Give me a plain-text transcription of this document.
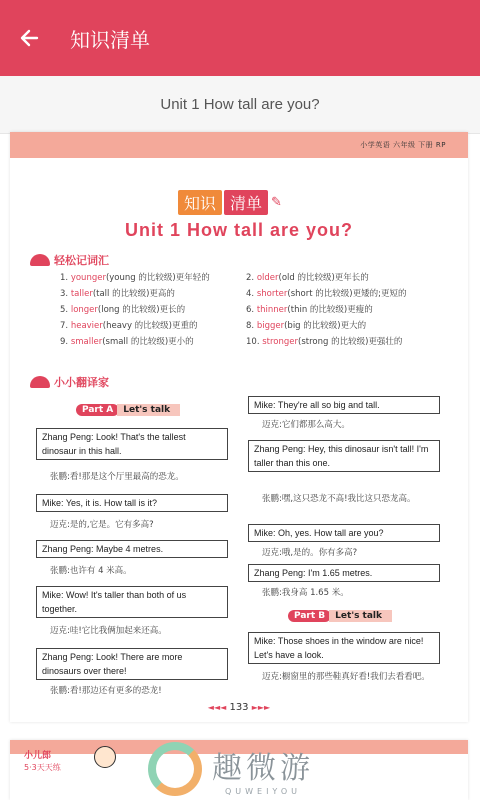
知识清单
Unit 1 How tall are you?
小学英语 六年级 下册 RP
知识 清单 ✎
Unit 1 How tall are you?
轻松记词汇
1. younger(young 的比较级)更年轻的
3. taller(tall 的比较级)更高的
5. longer(long 的比较级)更长的
7. heavier(heavy 的比较级)更重的
9. smaller(small 的比较级)更小的
2. older(old 的比较级)更年长的
4. shorter(short 的比较级)更矮的;更短的
6. thinner(thin 的比较级)更瘦的
8. bigger(big 的比较级)更大的
10. stronger(strong 的比较级)更强壮的
小小翻译家
Part A	Let's talk
Zhang Peng: Look! That's the tallest dinosaur in this hall.
张鹏:看!那是这个厅里最高的恐龙。
Mike: Yes, it is. How tall is it?
迈克:是的,它是。它有多高?
Zhang Peng: Maybe 4 metres.
张鹏:也许有 4 米高。
Mike: Wow! It's taller than both of us together.
迈克:哇!它比我俩加起来还高。
Zhang Peng: Look! There are more dinosaurs over there!
张鹏:看!那边还有更多的恐龙!
Mike: They're all so big and tall.
迈克:它们都那么高大。
Zhang Peng: Hey, this dinosaur isn't tall! I'm taller than this one.
张鹏:嘿,这只恐龙不高!我比这只恐龙高。
Mike: Oh, yes. How tall are you?
迈克:哦,是的。你有多高?
Zhang Peng: I'm 1.65 metres.
张鹏:我身高 1.65 米。
Part B	Let's talk
Mike: Those shoes in the window are nice! Let's have a look.
迈克:橱窗里的那些鞋真好看!我们去看看吧。
◄◄◄ 133 ►►►
小儿郎
5·3天天练	趣微游
QUWEIYOU
